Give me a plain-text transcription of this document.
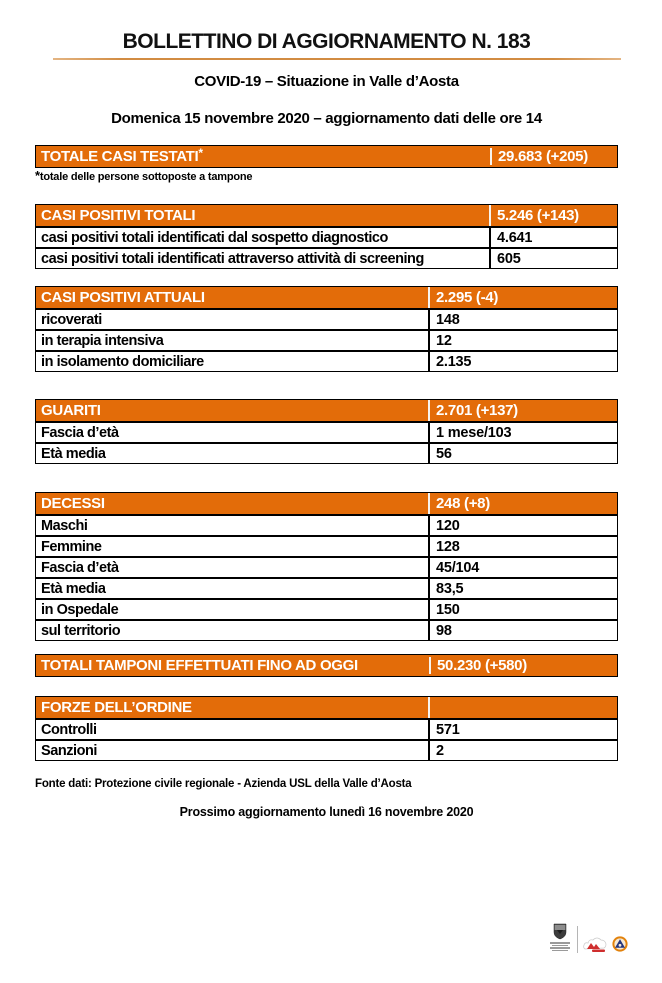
BOLLETTINO DI AGGIORNAMENTO N. 183
COVID-19 – Situazione in Valle d’Aosta
Domenica 15 novembre 2020 – aggiornamento dati delle ore 14
TOTALE CASI TESTATI*	29.683 (+205)
*totale delle persone sottoposte a tampone
CASI POSITIVI TOTALI	5.246 (+143)
casi positivi totali identificati dal sospetto diagnostico	4.641
casi positivi totali identificati attraverso attività di screening	605
CASI POSITIVI ATTUALI	2.295 (-4)
ricoverati	148
in terapia intensiva	12
in isolamento domiciliare	2.135
GUARITI	2.701 (+137)
Fascia d’età	1 mese/103
Età media	56
DECESSI	248 (+8)
Maschi	120
Femmine	128
Fascia d’età	45/104
Età media	83,5
in Ospedale	150
sul territorio	98
TOTALI TAMPONI EFFETTUATI FINO AD OGGI	50.230 (+580)
FORZE DELL’ORDINE
Controlli	571
Sanzioni	2
Fonte dati: Protezione civile regionale - Azienda USL della Valle d’Aosta
Prossimo aggiornamento lunedì 16 novembre 2020
